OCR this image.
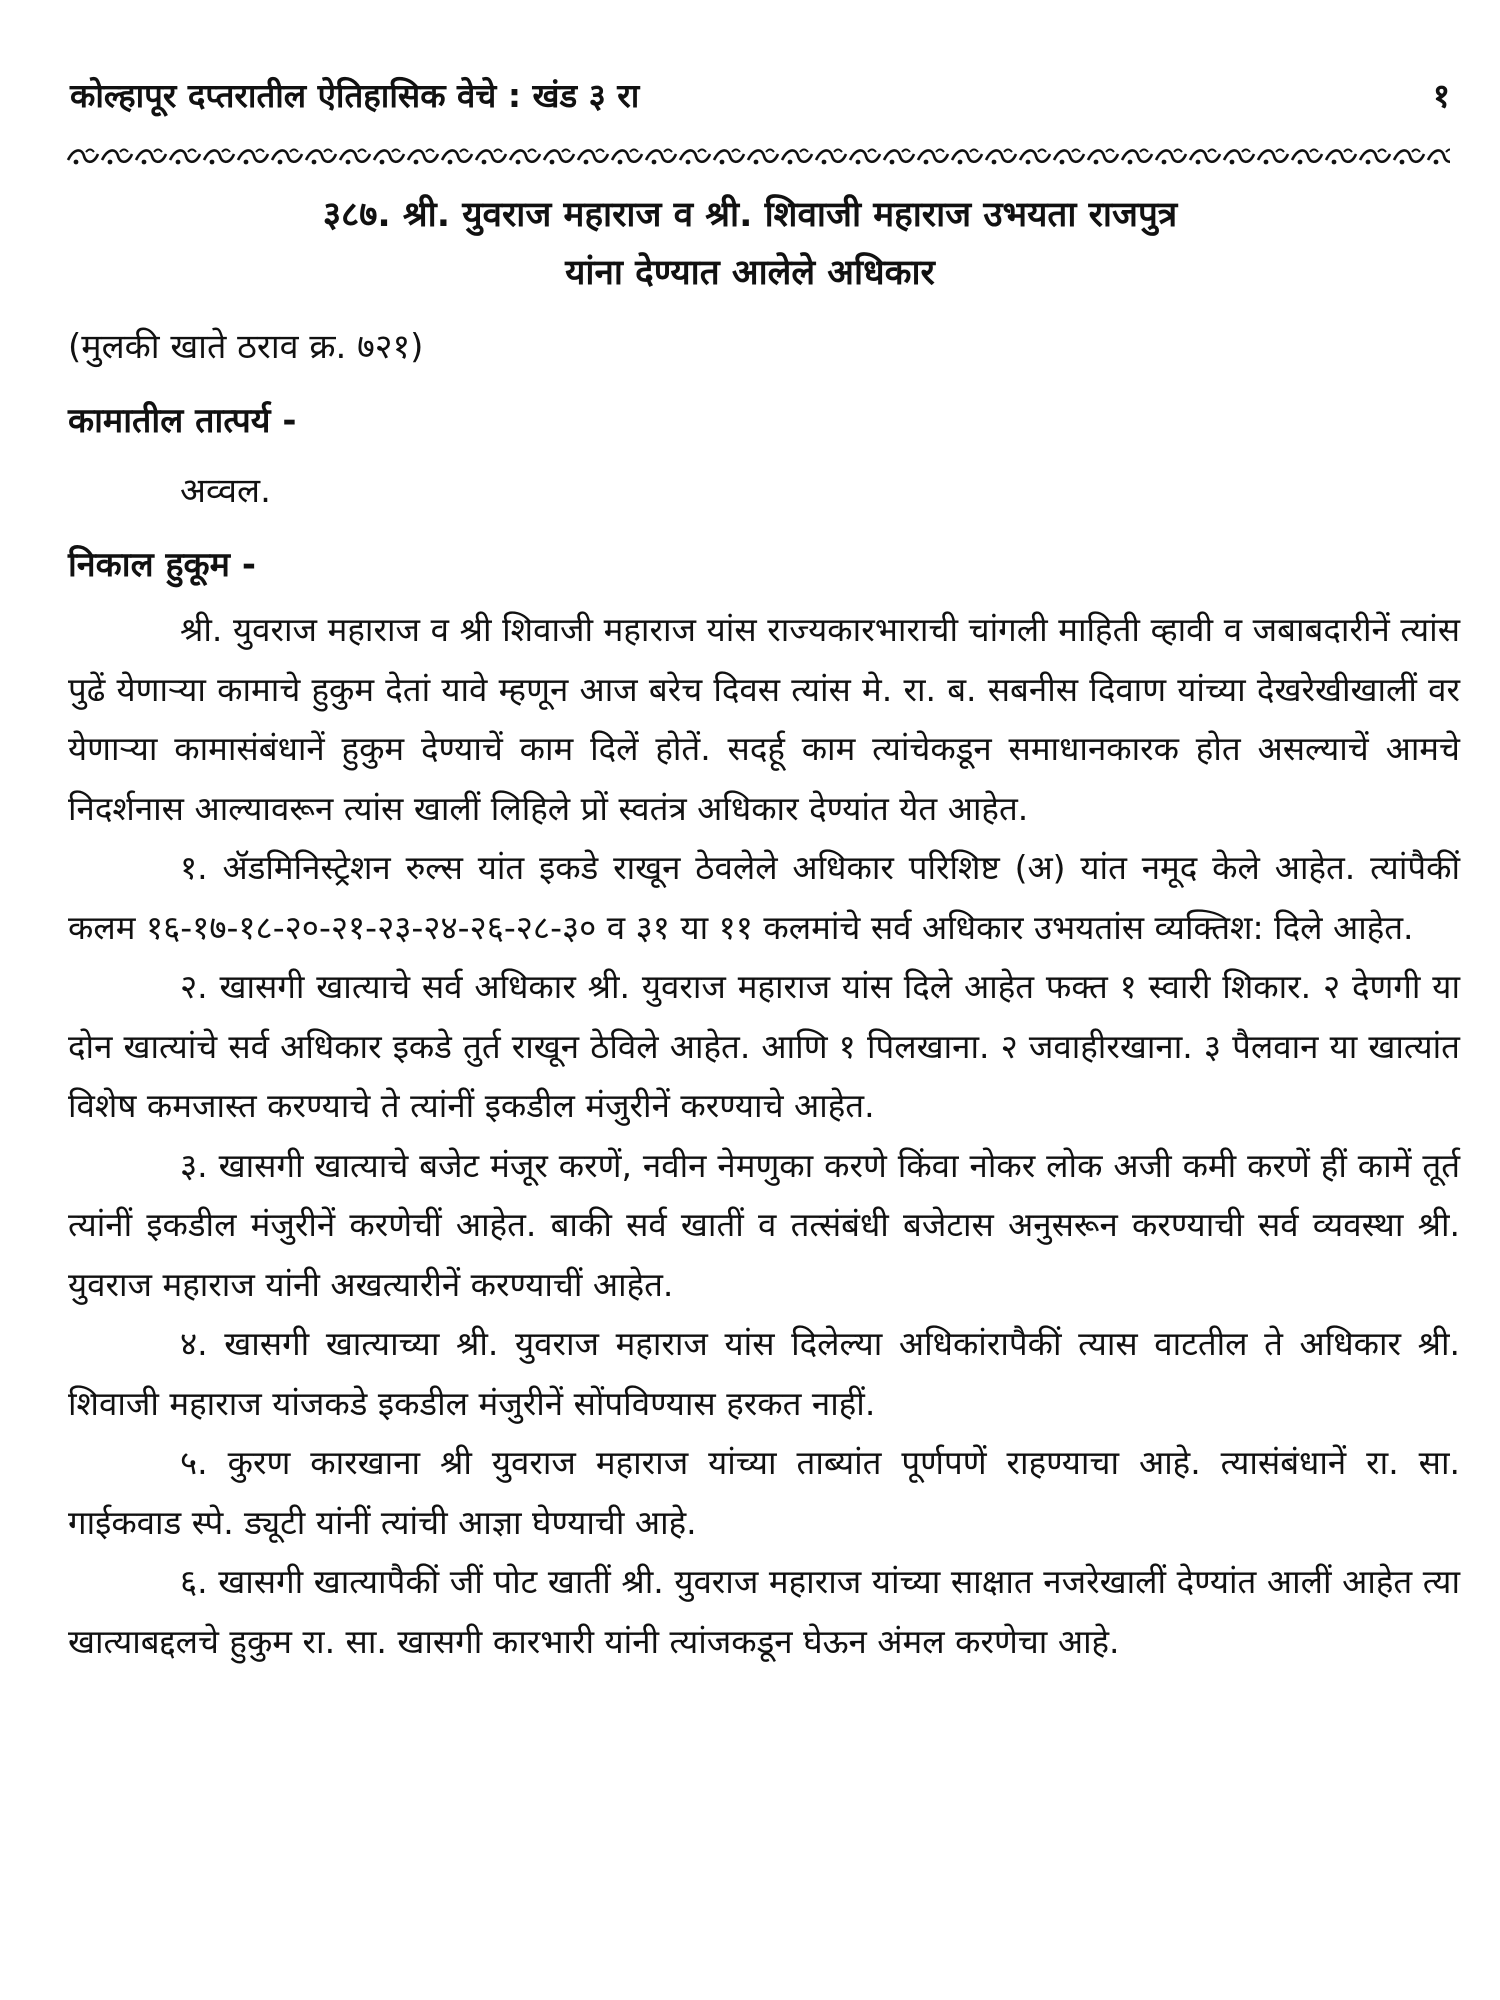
कोल्हापूर दप्तरातील ऐतिहासिक वेचे : खंड ३ रा	१
३८७. श्री. युवराज महाराज व श्री. शिवाजी महाराज उभयता राजपुत्र
यांना देण्यात आलेले अधिकार
(मुलकी खाते ठराव क्र. ७२१)
कामातील तात्पर्य -
अव्वल.
निकाल हुकूम -

श्री. युवराज महाराज व श्री शिवाजी महाराज यांस राज्यकारभाराची चांगली माहिती व्हावी व जबाबदारीनें त्यांस पुढें येणाऱ्या कामाचे हुकुम देतां यावे म्हणून आज बरेच दिवस त्यांस मे. रा. ब. सबनीस दिवाण यांच्या देखरेखीखालीं वर येणाऱ्या कामासंबंधानें हुकुम देण्याचें काम दिलें होतें. सदर्हू काम त्यांचेकडून समाधानकारक होत असल्याचें आमचे निदर्शनास आल्यावरून त्यांस खालीं लिहिले प्रों स्वतंत्र अधिकार देण्यांत येत आहेत.

१. ॲडमिनिस्ट्रेशन रुल्स यांत इकडे राखून ठेवलेले अधिकार परिशिष्ट (अ) यांत नमूद केले आहेत. त्यांपैकीं कलम १६-१७-१८-२०-२१-२३-२४-२६-२८-३० व ३१ या ११ कलमांचे सर्व अधिकार उभयतांस व्यक्तिश: दिले आहेत.

२. खासगी खात्याचे सर्व अधिकार श्री. युवराज महाराज यांस दिले आहेत फक्त १ स्वारी शिकार. २ देणगी या दोन खात्यांचे सर्व अधिकार इकडे तुर्त राखून ठेविले आहेत. आणि १ पिलखाना. २ जवाहीरखाना. ३ पैलवान या खात्यांत विशेष कमजास्त करण्याचे ते त्यांनीं इकडील मंजुरीनें करण्याचे आहेत.

३. खासगी खात्याचे बजेट मंजूर करणें, नवीन नेमणुका करणे किंवा नोकर लोक अजी कमी करणें हीं कामें तूर्त त्यांनीं इकडील मंजुरीनें करणेचीं आहेत. बाकी सर्व खातीं व तत्संबंधी बजेटास अनुसरून करण्याची सर्व व्यवस्था श्री. युवराज महाराज यांनी अखत्यारीनें करण्याचीं आहेत.

४. खासगी खात्याच्या श्री. युवराज महाराज यांस दिलेल्या अधिकांरापैकीं त्यास वाटतील ते अधिकार श्री. शिवाजी महाराज यांजकडे इकडील मंजुरीनें सोंपविण्यास हरकत नाहीं.

५. कुरण कारखाना श्री युवराज महाराज यांच्या ताब्यांत पूर्णपणें राहण्याचा आहे. त्यासंबंधानें रा. सा. गाईकवाड स्पे. ड्यूटी यांनीं त्यांची आज्ञा घेण्याची आहे.

६. खासगी खात्यापैकीं जीं पोट खातीं श्री. युवराज महाराज यांच्या साक्षात नजरेखालीं देण्यांत आलीं आहेत त्या खात्याबद्दलचे हुकुम रा. सा. खासगी कारभारी यांनी त्यांजकडून घेऊन अंमल करणेचा आहे.
